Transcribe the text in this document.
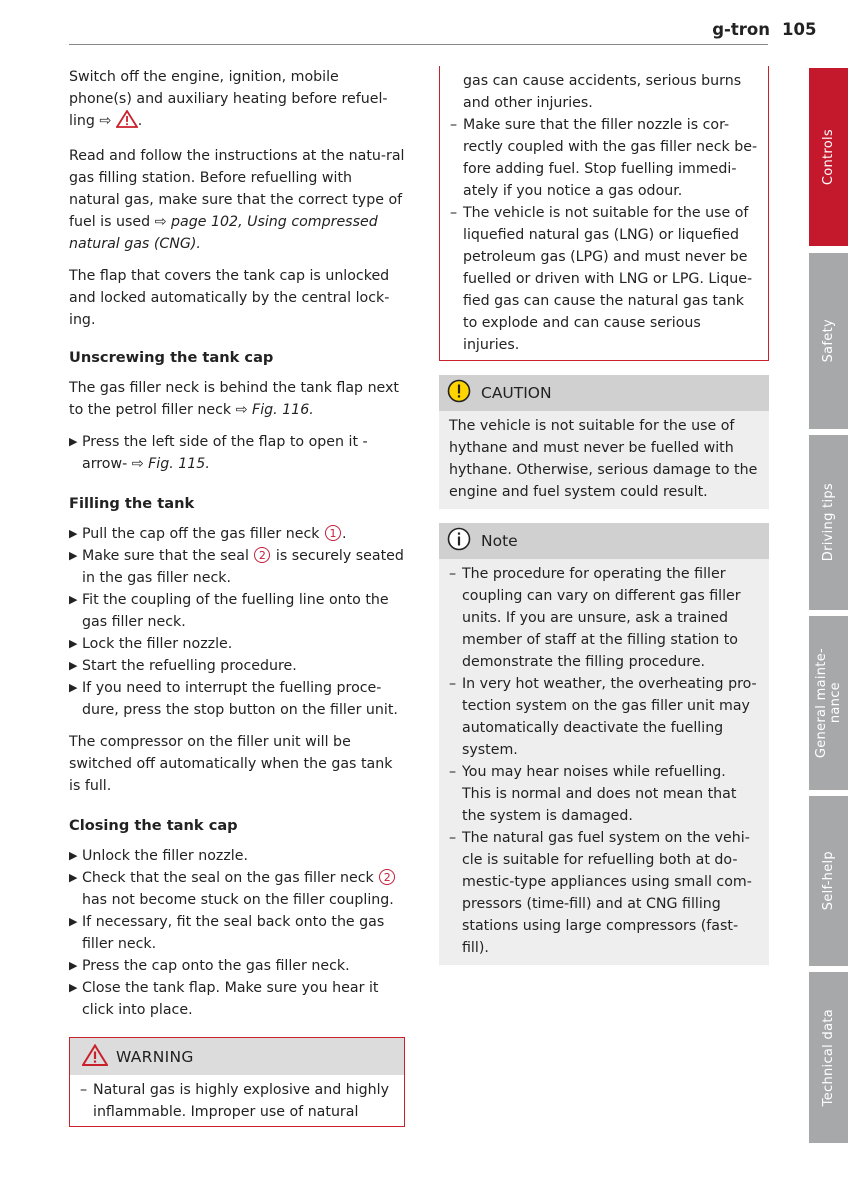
g-tron 105

Switch off the engine, ignition, mobile phone(s) and auxiliary heating before refuel-ling ⇨ .

Read and follow the instructions at the natu-ral gas filling station. Before refuelling with natural gas, make sure that the correct type of fuel is used ⇨ page 102, Using compressed natural gas (CNG).

The flap that covers the tank cap is unlocked and locked automatically by the central lock-ing.

Unscrewing the tank cap

The gas filler neck is behind the tank flap next to the petrol filler neck ⇨ Fig. 116.

▶ Press the left side of the flap to open it -arrow- ⇨ Fig. 115.
Filling the tank
▶ Pull the cap off the gas filler neck 1 .
▶ Make sure that the seal 2 is securely seated in the gas filler neck.
▶ Fit the coupling of the fuelling line onto the gas filler neck.
▶ Lock the filler nozzle.
▶ Start the refuelling procedure.
▶ If you need to interrupt the fuelling proce-dure, press the stop button on the filler unit.

The compressor on the filler unit will be switched off automatically when the gas tank is full.

Closing the tank cap
▶ Unlock the filler nozzle.
▶ Check that the seal on the gas filler neck 2 has not become stuck on the filler coupling.
▶ If necessary, fit the seal back onto the gas filler neck.
▶ Press the cap onto the gas filler neck.
▶ Close the tank flap. Make sure you hear it click into place.
WARNING
– Natural gas is highly explosive and highly inflammable. Improper use of natural
gas can cause accidents, serious burns and other injuries.
– Make sure that the filler nozzle is cor-rectly coupled with the gas filler neck be-fore adding fuel. Stop fuelling immedi-ately if you notice a gas odour.
– The vehicle is not suitable for the use of liquefied natural gas (LNG) or liquefied petroleum gas (LPG) and must never be fuelled or driven with LNG or LPG. Lique-fied gas can cause the natural gas tank to explode and can cause serious injuries.
CAUTION

The vehicle is not suitable for the use of hythane and must never be fuelled with hythane. Otherwise, serious damage to the engine and fuel system could result.

Note
– The procedure for operating the filler coupling can vary on different gas filler units. If you are unsure, ask a trained member of staff at the filling station to demonstrate the filling procedure.
– In very hot weather, the overheating pro-tection system on the gas filler unit may automatically deactivate the fuelling system.
– You may hear noises while refuelling. This is normal and does not mean that the system is damaged.
– The natural gas fuel system on the vehi-cle is suitable for refuelling both at do-mestic-type appliances using small com-pressors (time-fill) and at CNG filling stations using large compressors (fast-fill).
Controls
Safety
Driving tips
General mainte-
nance
Self-help
Technical data
